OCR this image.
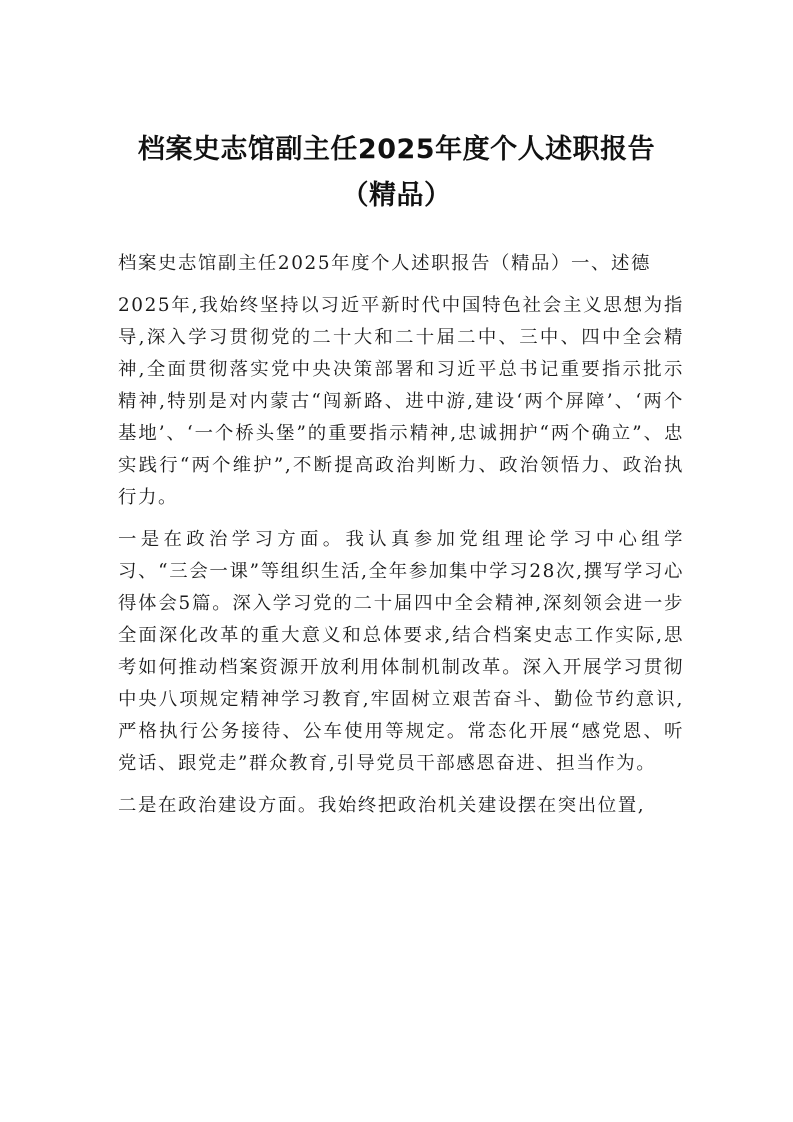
档案史志馆副主任2025年度个人述职报告
（精品）

档案史志馆副主任2025年度个人述职报告（精品）一、述德

2025年,我始终坚持以习近平新时代中国特色社会主义思想为指导,深入学习贯彻党的二十大和二十届二中、三中、四中全会精神,全面贯彻落实党中央决策部署和习近平总书记重要指示批示精神,特别是对内蒙古“闯新路、进中游,建设‘两个屏障’、‘两个基地’、‘一个桥头堡”的重要指示精神,忠诚拥护“两个确立”、忠实践行“两个维护”,不断提高政治判断力、政治领悟力、政治执行力。

一是在政治学习方面。我认真参加党组理论学习中心组学习、“三会一课”等组织生活,全年参加集中学习28次,撰写学习心得体会5篇。深入学习党的二十届四中全会精神,深刻领会进一步全面深化改革的重大意义和总体要求,结合档案史志工作实际,思考如何推动档案资源开放利用体制机制改革。深入开展学习贯彻中央八项规定精神学习教育,牢固树立艰苦奋斗、勤俭节约意识,严格执行公务接待、公车使用等规定。常态化开展“感党恩、听党话、跟党走”群众教育,引导党员干部感恩奋进、担当作为。

二是在政治建设方面。我始终把政治机关建设摆在突出位置,
